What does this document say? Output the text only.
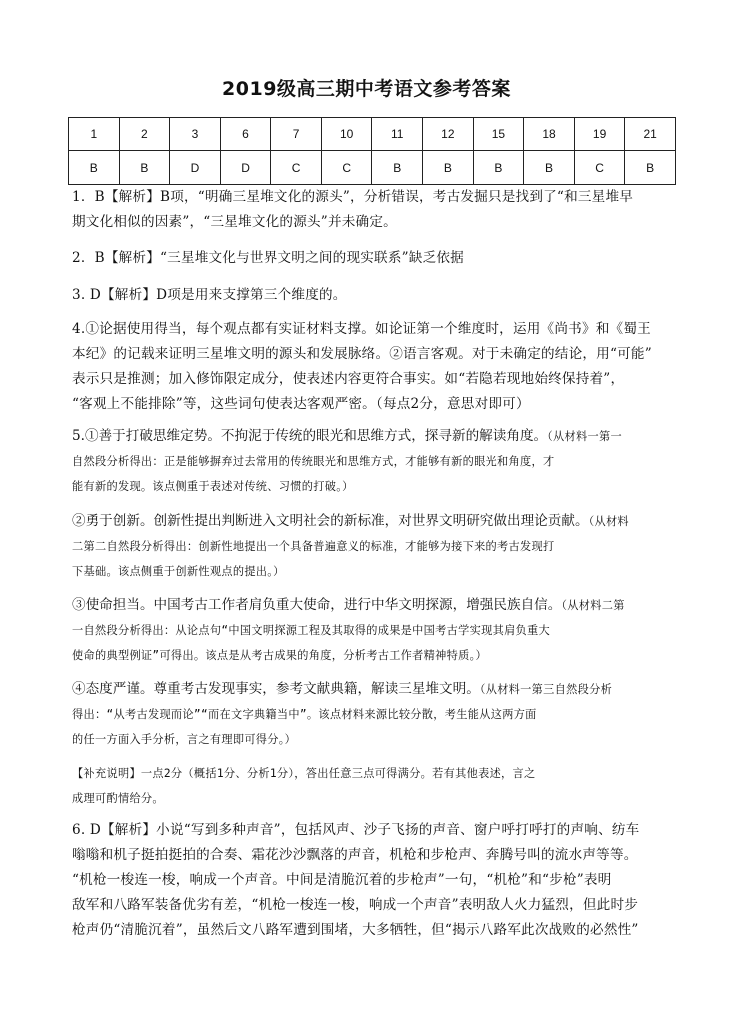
2019级高三期中考语文参考答案
1	2	3	6	7	10	11	12	15	18	19	21
B	B	D	D	C	C	B	B	B	B	C	B

1．B【解析】B项，“明确三星堆文化的源头”，分析错误，考古发掘只是找到了“和三星堆早

期文化相似的因素”，“三星堆文化的源头”并未确定。

2．B【解析】“三星堆文化与世界文明之间的现实联系”缺乏依据

3. D【解析】D项是用来支撑第三个维度的。

4.①论据使用得当，每个观点都有实证材料支撑。如论证第一个维度时，运用《尚书》和《蜀王

本纪》的记载来证明三星堆文明的源头和发展脉络。②语言客观。对于未确定的结论，用“可能”

表示只是推测；加入修饰限定成分，使表述内容更符合事实。如“若隐若现地始终保持着”，

“客观上不能排除”等，这些词句使表达客观严密。（每点2分，意思对即可）

5.①善于打破思维定势。不拘泥于传统的眼光和思维方式，探寻新的解读角度。（从材料一第一

自然段分析得出：正是能够摒弃过去常用的传统眼光和思维方式，才能够有新的眼光和角度，才

能有新的发现。该点侧重于表述对传统、习惯的打破。）

②勇于创新。创新性提出判断进入文明社会的新标准，对世界文明研究做出理论贡献。（从材料

二第二自然段分析得出：创新性地提出一个具备普遍意义的标准，才能够为接下来的考古发现打

下基础。该点侧重于创新性观点的提出。）

③使命担当。中国考古工作者肩负重大使命，进行中华文明探源，增强民族自信。（从材料二第

一自然段分析得出：从论点句“中国文明探源工程及其取得的成果是中国考古学实现其肩负重大

使命的典型例证”可得出。该点是从考古成果的角度，分析考古工作者精神特质。）

④态度严谨。尊重考古发现事实，参考文献典籍，解读三星堆文明。（从材料一第三自然段分析

得出：“从考古发现而论”“而在文字典籍当中”。该点材料来源比较分散，考生能从这两方面

的任一方面入手分析，言之有理即可得分。）

【补充说明】一点2分（概括1分、分析1分），答出任意三点可得满分。若有其他表述，言之

成理可酌情给分。

6. D【解析】小说“写到多种声音”，包括风声、沙子飞扬的声音、窗户呼打呼打的声响、纺车

嗡嗡和机子挺拍挺拍的合奏、霜花沙沙飘落的声音，机枪和步枪声、奔腾号叫的流水声等等。

“机枪一梭连一梭，响成一个声音。中间是清脆沉着的步枪声”一句，“机枪”和“步枪”表明

敌军和八路军装备优劣有差，“机枪一梭连一梭，响成一个声音”表明敌人火力猛烈，但此时步

枪声仍“清脆沉着”，虽然后文八路军遭到围堵，大多牺牲，但“揭示八路军此次战败的必然性”
